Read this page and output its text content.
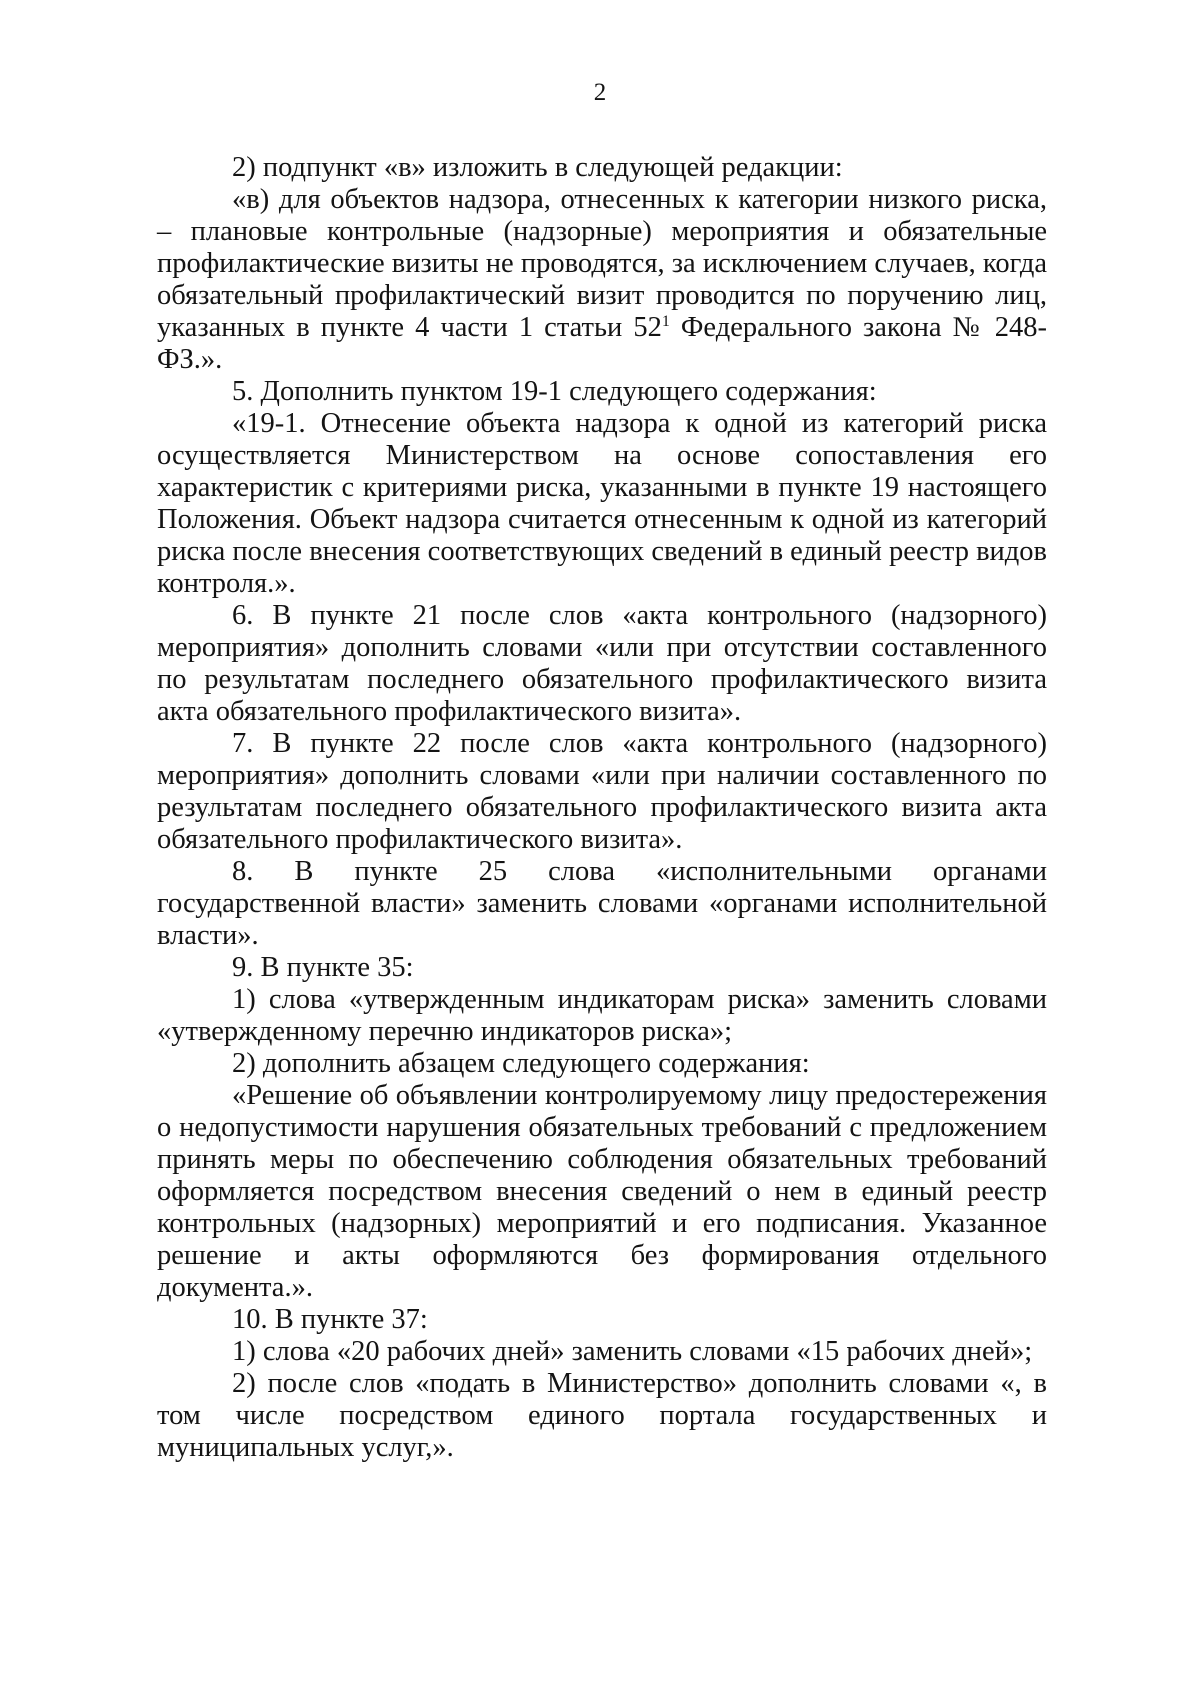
2

2) подпункт «в» изложить в следующей редакции:

«в) для объектов надзора, отнесенных к категории низкого риска, – плановые контрольные (надзорные) мероприятия и обязательные профилактические визиты не проводятся, за исключением случаев, когда обязательный профилактический визит проводится по поручению лиц, указанных в пункте 4 части 1 статьи $52^1$ Федерального закона № 248-ФЗ.».

5. Дополнить пунктом 19-1 следующего содержания:

«19-1. Отнесение объекта надзора к одной из категорий риска осуществляется Министерством на основе сопоставления его характеристик с критериями риска, указанными в пункте 19 настоящего Положения. Объект надзора считается отнесенным к одной из категорий риска после внесения соответствующих сведений в единый реестр видов контроля.».

6. В пункте 21 после слов «акта контрольного (надзорного) мероприятия» дополнить словами «или при отсутствии составленного по результатам последнего обязательного профилактического визита акта обязательного профилактического визита».

7. В пункте 22 после слов «акта контрольного (надзорного) мероприятия» дополнить словами «или при наличии составленного по результатам последнего обязательного профилактического визита акта обязательного профилактического визита».

8. В пункте 25 слова «исполнительными органами государственной власти» заменить словами «органами исполнительной власти».

9. В пункте 35:

1) слова «утвержденным индикаторам риска» заменить словами «утвержденному перечню индикаторов риска»;

2) дополнить абзацем следующего содержания:

«Решение об объявлении контролируемому лицу предостережения о недопустимости нарушения обязательных требований с предложением принять меры по обеспечению соблюдения обязательных требований оформляется посредством внесения сведений о нем в единый реестр контрольных (надзорных) мероприятий и его подписания. Указанное решение и акты оформляются без формирования отдельного документа.».

10. В пункте 37:

1) слова «20 рабочих дней» заменить словами «15 рабочих дней»;

2) после слов «подать в Министерство» дополнить словами «, в том числе посредством единого портала государственных и муниципальных услуг,».
